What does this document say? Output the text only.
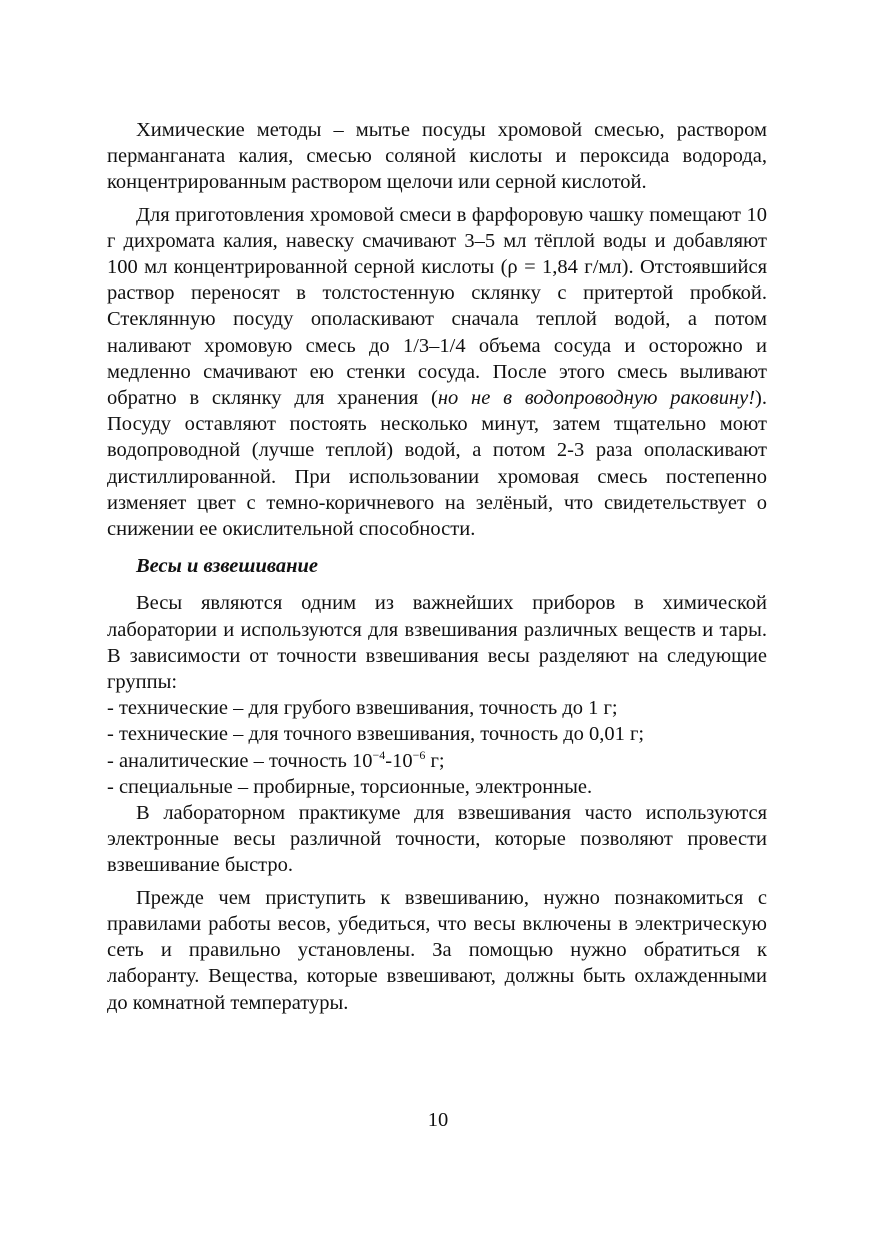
Химические методы – мытье посуды хромовой смесью, раствором перманганата калия, смесью соляной кислоты и пероксида водорода, концентрированным раствором щелочи или серной кислотой.

Для приготовления хромовой смеси в фарфоровую чашку помещают 10 г дихромата калия, навеску смачивают 3–5 мл тёплой воды и добавляют 100 мл концентрированной серной кислоты (ρ = 1,84 г/мл). Отстоявшийся раствор переносят в толстостенную склянку с притертой пробкой. Стеклянную посуду ополаскивают сначала теплой водой, а потом наливают хромовую смесь до 1/3–1/4 объема сосуда и осторожно и медленно смачивают ею стенки сосуда. После этого смесь выливают обратно в склянку для хранения (но не в водопроводную раковину!). Посуду оставляют постоять несколько минут, затем тщательно моют водопроводной (лучше теплой) водой, а потом 2-3 раза ополаскивают дистиллированной. При использовании хромовая смесь постепенно изменяет цвет с темно-коричневого на зелёный, что свидетельствует о снижении ее окислительной способности.

Весы и взвешивание

Весы являются одним из важнейших приборов в химической лаборатории и используются для взвешивания различных веществ и тары. В зависимости от точности взвешивания весы разделяют на следующие группы:

- технические – для грубого взвешивания, точность до 1 г;
- технические – для точного взвешивания, точность до 0,01 г;
- аналитические – точность $10^{-4}-10^{-6}$ г;
- специальные – пробирные, торсионные, электронные.

В лабораторном практикуме для взвешивания часто используются электронные весы различной точности, которые позволяют провести взвешивание быстро.

Прежде чем приступить к взвешиванию, нужно познакомиться с правилами работы весов, убедиться, что весы включены в электрическую сеть и правильно установлены. За помощью нужно обратиться к лаборанту. Вещества, которые взвешивают, должны быть охлажденными до комнатной температуры.

10
